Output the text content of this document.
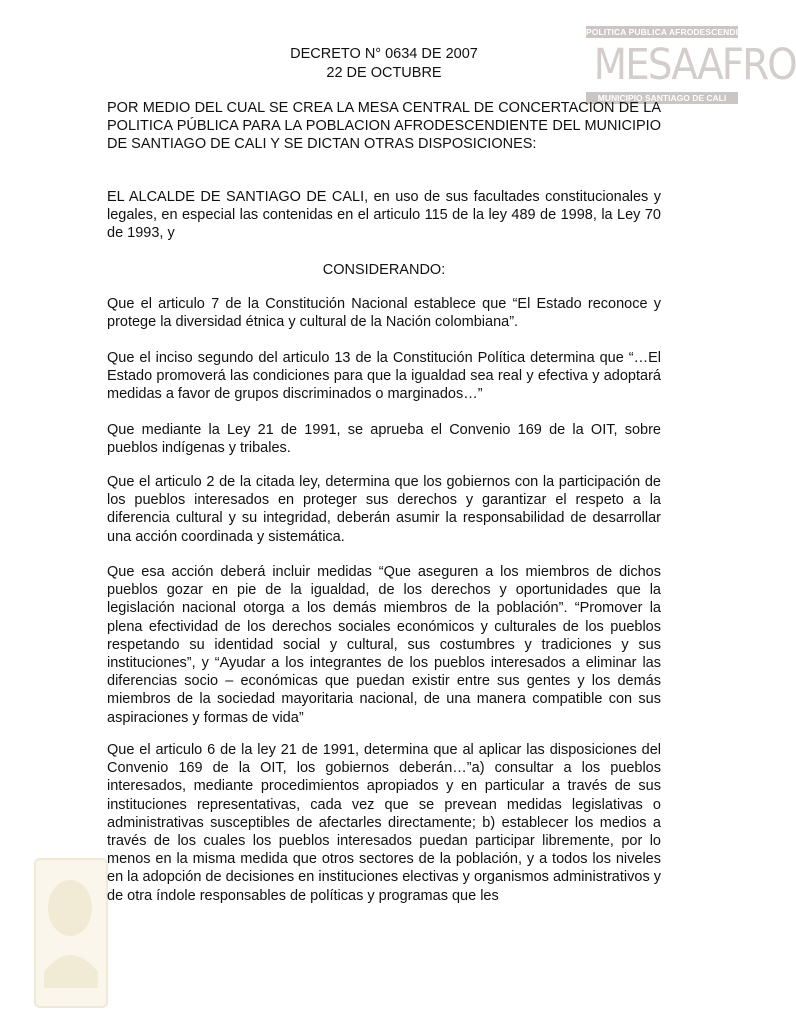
POLITICA PUBLICA AFRODESCENDIENTE
MESAAFRO
MUNICIPIO SANTIAGO DE CALI
DECRETO N° 0634 DE 2007
22 DE OCTUBRE
POR MEDIO DEL CUAL SE CREA LA MESA CENTRAL DE CONCERTACION DE LA POLITICA PÚBLICA PARA LA POBLACION AFRODESCENDIENTE DEL MUNICIPIO DE SANTIAGO DE CALI Y SE DICTAN OTRAS DISPOSICIONES:
EL ALCALDE DE SANTIAGO DE CALI, en uso de sus facultades constitucionales y legales, en especial las contenidas en el articulo 115 de la ley 489 de 1998, la Ley 70 de 1993, y
CONSIDERANDO:
Que el articulo 7 de la Constitución Nacional establece que “El Estado reconoce y protege la diversidad étnica y cultural de la Nación colombiana”.
Que el inciso segundo del articulo 13 de la Constitución Política determina que “…El Estado promoverá las condiciones para que la igualdad sea real y efectiva y adoptará medidas a favor de grupos discriminados o marginados…”
Que mediante la Ley 21 de 1991, se aprueba el Convenio 169 de la OIT, sobre pueblos indígenas y tribales.
Que el articulo 2 de la citada ley, determina que los gobiernos con la participación de los pueblos interesados en proteger sus derechos y garantizar el respeto a la diferencia cultural y su integridad, deberán asumir la responsabilidad de desarrollar una acción coordinada y sistemática.
Que esa acción deberá incluir medidas “Que aseguren a los miembros de dichos pueblos gozar en pie de la igualdad, de los derechos y oportunidades que la legislación nacional otorga a los demás miembros de la población”. “Promover la plena efectividad de los derechos sociales económicos y culturales de los pueblos respetando su identidad social y cultural, sus costumbres y tradiciones y sus instituciones”, y “Ayudar a los integrantes de los pueblos interesados a eliminar las diferencias socio – económicas que puedan existir entre sus gentes y los demás miembros de la sociedad mayoritaria nacional, de una manera compatible con sus aspiraciones y formas de vida”
Que el articulo 6 de la ley 21 de 1991, determina que al aplicar las disposiciones del Convenio 169 de la OIT, los gobiernos deberán…”a) consultar a los pueblos interesados, mediante procedimientos apropiados y en particular a través de sus instituciones representativas, cada vez que se prevean medidas legislativas o administrativas susceptibles de afectarles directamente; b) establecer los medios a través de los cuales los pueblos interesados puedan participar libremente, por lo menos en la misma medida que otros sectores de la población, y a todos los niveles en la adopción de decisiones en instituciones electivas y organismos administrativos y de otra índole responsables de políticas y programas que les
